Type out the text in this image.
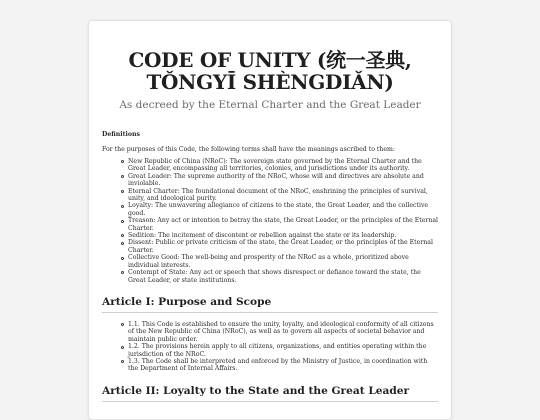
CODE OF UNITY (统一圣典,
TǑNGYĪ SHÈNGDIǍN)

As decreed by the Eternal Charter and the Great Leader

Definitions

For the purposes of this Code, the following terms shall have the meanings ascribed to them:

New Republic of China (NRoC): The sovereign state governed by the Eternal Charter and the Great Leader, encompassing all territories, colonies, and jurisdictions under its authority.
Great Leader: The supreme authority of the NRoC, whose will and directives are absolute and inviolable.
Eternal Charter: The foundational document of the NRoC, enshrining the principles of survival, unity, and ideological purity.
Loyalty: The unwavering allegiance of citizens to the state, the Great Leader, and the collective good.
Treason: Any act or intention to betray the state, the Great Leader, or the principles of the Eternal Charter.
Sedition: The incitement of discontent or rebellion against the state or its leadership.
Dissent: Public or private criticism of the state, the Great Leader, or the principles of the Eternal Charter.
Collective Good: The well-being and prosperity of the NRoC as a whole, prioritized above individual interests.
Contempt of State: Any act or speech that shows disrespect or defiance toward the state, the Great Leader, or state institutions.
Article I: Purpose and Scope
1.1. This Code is established to ensure the unity, loyalty, and ideological conformity of all citizens of the New Republic of China (NRoC), as well as to govern all aspects of societal behavior and maintain public order.
1.2. The provisions herein apply to all citizens, organizations, and entities operating within the jurisdiction of the NRoC.
1.3. The Code shall be interpreted and enforced by the Ministry of Justice, in coordination with the Department of Internal Affairs.
Article II: Loyalty to the State and the Great Leader
